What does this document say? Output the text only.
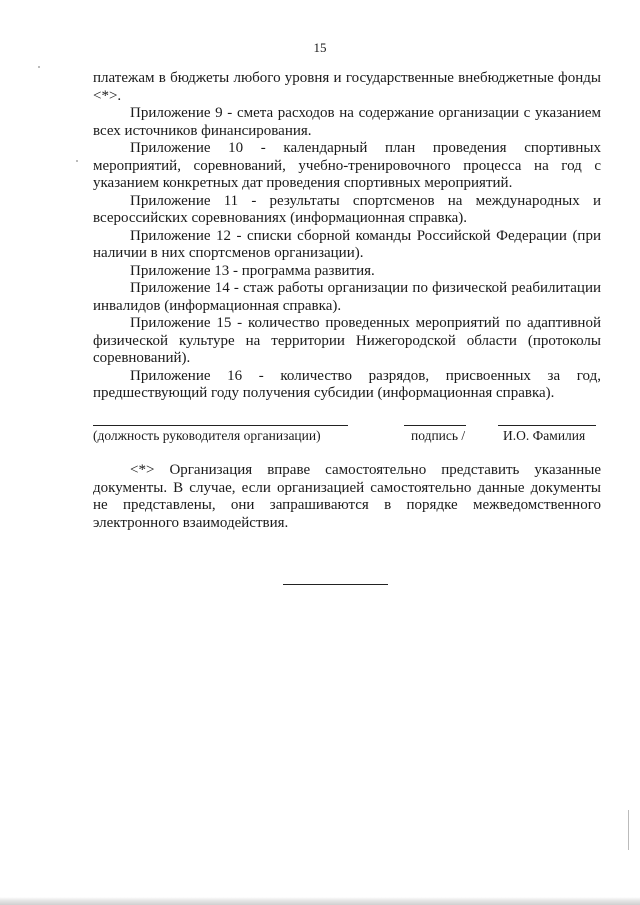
15

платежам в бюджеты любого уровня и государственные внебюджетные фонды <*>.

Приложение 9 - смета расходов на содержание организации с указанием всех источников финансирования.

Приложение 10 - календарный план проведения спортивных мероприятий, соревнований, учебно-тренировочного процесса на год с указанием конкретных дат проведения спортивных мероприятий.

Приложение 11 - результаты спортсменов на международных и всероссийских соревнованиях (информационная справка).

Приложение 12 - списки сборной команды Российской Федерации (при наличии в них спортсменов организации).

Приложение 13 - программа развития.

Приложение 14 - стаж работы организации по физической реабилитации инвалидов (информационная справка).

Приложение 15 - количество проведенных мероприятий по адаптивной физической культуре на территории Нижегородской области (протоколы соревнований).

Приложение 16 - количество разрядов, присвоенных за год, предшествующий году получения субсидии (информационная справка).

(должность руководителя организации)	подпись /	И.О. Фамилия

<*> Организация вправе самостоятельно представить указанные документы. В случае, если организацией самостоятельно данные документы не представлены, они запрашиваются в порядке межведомственного электронного взаимодействия.
